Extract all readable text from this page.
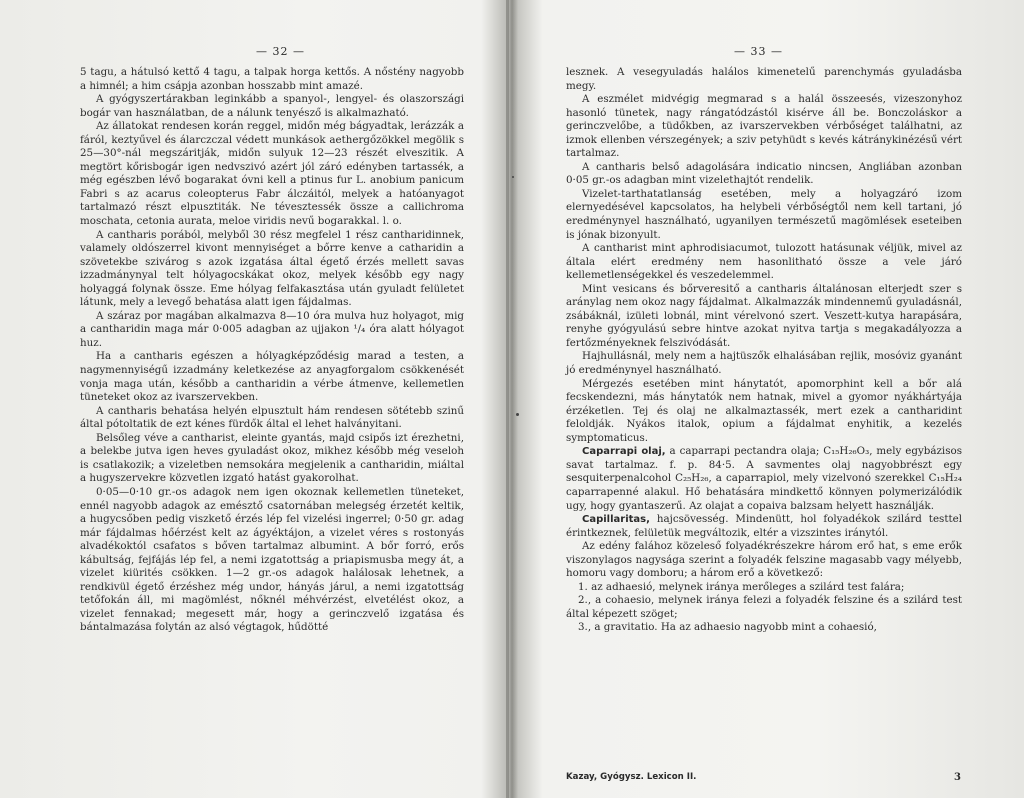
— 32 —

5 tagu, a hátulsó kettő 4 tagu, a talpak horga kettős. A nőstény nagyobb a himnél; a him csápja azonban hosszabb mint amazé.

A gyógyszertárakban leginkább a spanyol-, lengyel- és olaszországi bogár van használatban, de a nálunk tenyésző is alkalmazható.

Az állatokat rendesen korán reggel, midőn még bágyadtak, lerázzák a fáról, keztyűvel és álarczczal védett munkások aethergőzökkel megölik s 25—30°-nál megszáritják, midőn sulyuk 12—23 részét elveszitik. A megtört kőrisbogár igen nedvszivó azért jól záró edényben tartassék, a még egészben lévő bogarakat óvni kell a ptinus fur L. anobium panicum Fabri s az acarus coleopterus Fabr álczáitól, melyek a hatóanyagot tartalmazó részt elpusztiták. Ne tévesztessék össze a callichroma moschata, cetonia aurata, meloe viridis nevű bogarakkal. l. o.

A cantharis porából, melyből 30 rész megfelel 1 rész cantharidinnek, valamely oldószerrel kivont mennyiséget a bőrre kenve a catharidin a szövetekbe szivárog s azok izgatása által égető érzés mellett savas izzadmánynyal telt hólyagocskákat okoz, melyek később egy nagy holyaggá folynak össze. Eme hólyag felfakasztása után gyuladt felületet látunk, mely a levegő behatása alatt igen fájdalmas.

A száraz por magában alkalmazva 8—10 óra mulva huz holyagot, mig a cantharidin maga már 0·005 adagban az ujjakon ¹/₄ óra alatt hólyagot huz.

Ha a cantharis egészen a hólyagképződésig marad a testen, a nagymennyiségű izzadmány keletkezése az anyagforgalom csökkenését vonja maga után, később a cantharidin a vérbe átmenve, kellemetlen tüneteket okoz az ivarszervekben.

A cantharis behatása helyén elpusztult hám rendesen sötétebb szinű által pótoltatik de ezt kénes fürdők által el lehet halványitani.

Belsőleg véve a cantharist, eleinte gyantás, majd csipős izt érezhetni, a belekbe jutva igen heves gyuladást okoz, mikhez később még veseloh is csatlakozik; a vizeletben nemsokára megjelenik a cantharidin, miáltal a hugyszervekre közvetlen izgató hatást gyakorolhat.

0·05—0·10 gr.-os adagok nem igen okoznak kellemetlen tüneteket, ennél nagyobb adagok az emésztő csatornában melegség érzetét keltik, a hugycsőben pedig viszkető érzés lép fel vizelési ingerrel; 0·50 gr. adag már fájdalmas hőérzést kelt az ágyéktájon, a vizelet véres s rostonyás alvadékoktól csafatos s bőven tartalmaz albumint. A bőr forró, erős kábultság, fejfájás lép fel, a nemi izgatottság a priapismusba megy át, a vizelet kiürités csökken. 1—2 gr.-os adagok halálosak lehetnek, a rendkivül égető érzéshez még undor, hányás járul, a nemi izgatottság tetőfokán áll, mi magömlést, nőknél méhvérzést, elvetélést okoz, a vizelet fennakad; megesett már, hogy a gerinczvelő izgatása és bántalmazása folytán az alsó végtagok, hűdötté

— 33 —

lesznek. A vesegyuladás halálos kimenetelű parenchymás gyuladásba megy.

A eszmélet midvégig megmarad s a halál összeesés, vizeszonyhoz hasonló tünetek, nagy rángatódzástól kisérve áll be. Bonczoláskor a gerinczvelőbe, a tüdőkben, az ivarszervekben vérbőséget találhatni, az izmok ellenben vérszegények; a sziv petyhüdt s kevés kátránykinézésű vért tartalmaz.

A cantharis belső adagolására indicatio nincsen, Angliában azonban 0·05 gr.-os adagban mint vizelethajtót rendelik.

Vizelet-tarthatatlanság esetében, mely a holyagzáró izom elernyedésével kapcsolatos, ha helybeli vérbőségtől nem kell tartani, jó eredménynyel használható, ugyanilyen természetű magömlések eseteiben is jónak bizonyult.

A cantharist mint aphrodisiacumot, tulozott hatásunak véljük, mivel az általa elért eredmény nem hasonlitható össze a vele járó kellemetlenségekkel és veszedelemmel.

Mint vesicans és bőrveresitő a cantharis általánosan elterjedt szer s aránylag nem okoz nagy fájdalmat. Alkalmazzák mindennemű gyuladásnál, zsábáknál, izületi lobnál, mint vérelvonó szert. Veszett-kutya harapására, renyhe gyógyulású sebre hintve azokat nyitva tartja s megakadályozza a fertőzményeknek felszivódását.

Hajhullásnál, mely nem a hajtüszők elhalásában rejlik, mosóviz gyanánt jó eredménynyel használható.

Mérgezés esetében mint hánytatót, apomorphint kell a bőr alá fecskendezni, más hánytatók nem hatnak, mivel a gyomor nyákhártyája érzéketlen. Tej és olaj ne alkalmaztassék, mert ezek a cantharidint feloldják. Nyákos italok, opium a fájdalmat enyhitik, a kezelés symptomaticus.

Caparrapi olaj, a caparrapi pectandra olaja; C₁₅H₂₆O₃, mely egybázisos savat tartalmaz. f. p. 84·5. A savmentes olaj nagyobbrészt egy sesquiterpenalcohol C₂₅H₂₆, a caparrapiol, mely vizelvonó szerekkel C₁₅H₂₄ caparrapenné alakul. Hő behatására mindkettő könnyen polymerizálódik ugy, hogy gyantaszerű. Az olajat a copaiva balzsam helyett használják.

Capillaritas, hajcsövesség. Mindenütt, hol folyadékok szilárd testtel érintkeznek, felületük megváltozik, eltér a vizszintes iránytól.

Az edény falához közeleső folyadékrészekre három erő hat, s eme erők viszonylagos nagysága szerint a folyadék felszine magasabb vagy mélyebb, homoru vagy domboru; a három erő a következő:

1. az adhaesió, melynek iránya merőleges a szilárd test falára;

2., a cohaesio, melynek iránya felezi a folyadék felszine és a szilárd test által képezett szöget;

3., a gravitatio. Ha az adhaesio nagyobb mint a cohaesió,

Kazay, Gyógysz. Lexicon II.	3
